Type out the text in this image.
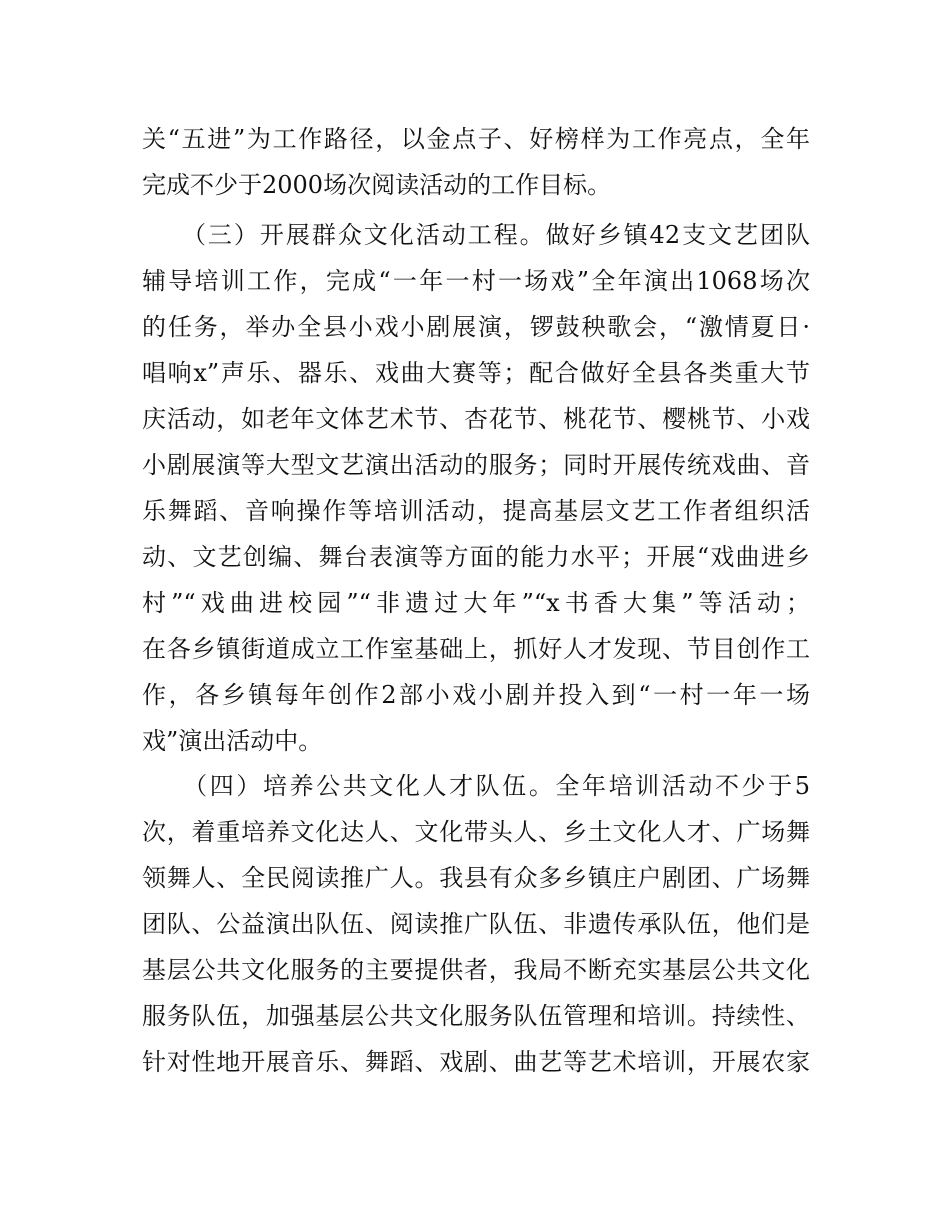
关“五进”为工作路径，以金点子、好榜样为工作亮点，全年
完成不少于2000场次阅读活动的工作目标。
　　（三）开展群众文化活动工程。做好乡镇42支文艺团队
辅导培训工作，完成“一年一村一场戏”全年演出1068场次
的任务，举办全县小戏小剧展演，锣鼓秧歌会，“激情夏日·
唱响x”声乐、器乐、戏曲大赛等；配合做好全县各类重大节
庆活动，如老年文体艺术节、杏花节、桃花节、樱桃节、小戏
小剧展演等大型文艺演出活动的服务；同时开展传统戏曲、音
乐舞蹈、音响操作等培训活动，提高基层文艺工作者组织活
动、文艺创编、舞台表演等方面的能力水平；开展“戏曲进乡
村”“戏曲进校园”“非遗过大年”“x书香大集”等活动；
在各乡镇街道成立工作室基础上，抓好人才发现、节目创作工
作，各乡镇每年创作2部小戏小剧并投入到“一村一年一场
戏”演出活动中。
　　（四）培养公共文化人才队伍。全年培训活动不少于5
次，着重培养文化达人、文化带头人、乡土文化人才、广场舞
领舞人、全民阅读推广人。我县有众多乡镇庄户剧团、广场舞
团队、公益演出队伍、阅读推广队伍、非遗传承队伍，他们是
基层公共文化服务的主要提供者，我局不断充实基层公共文化
服务队伍，加强基层公共文化服务队伍管理和培训。持续性、
针对性地开展音乐、舞蹈、戏剧、曲艺等艺术培训，开展农家
